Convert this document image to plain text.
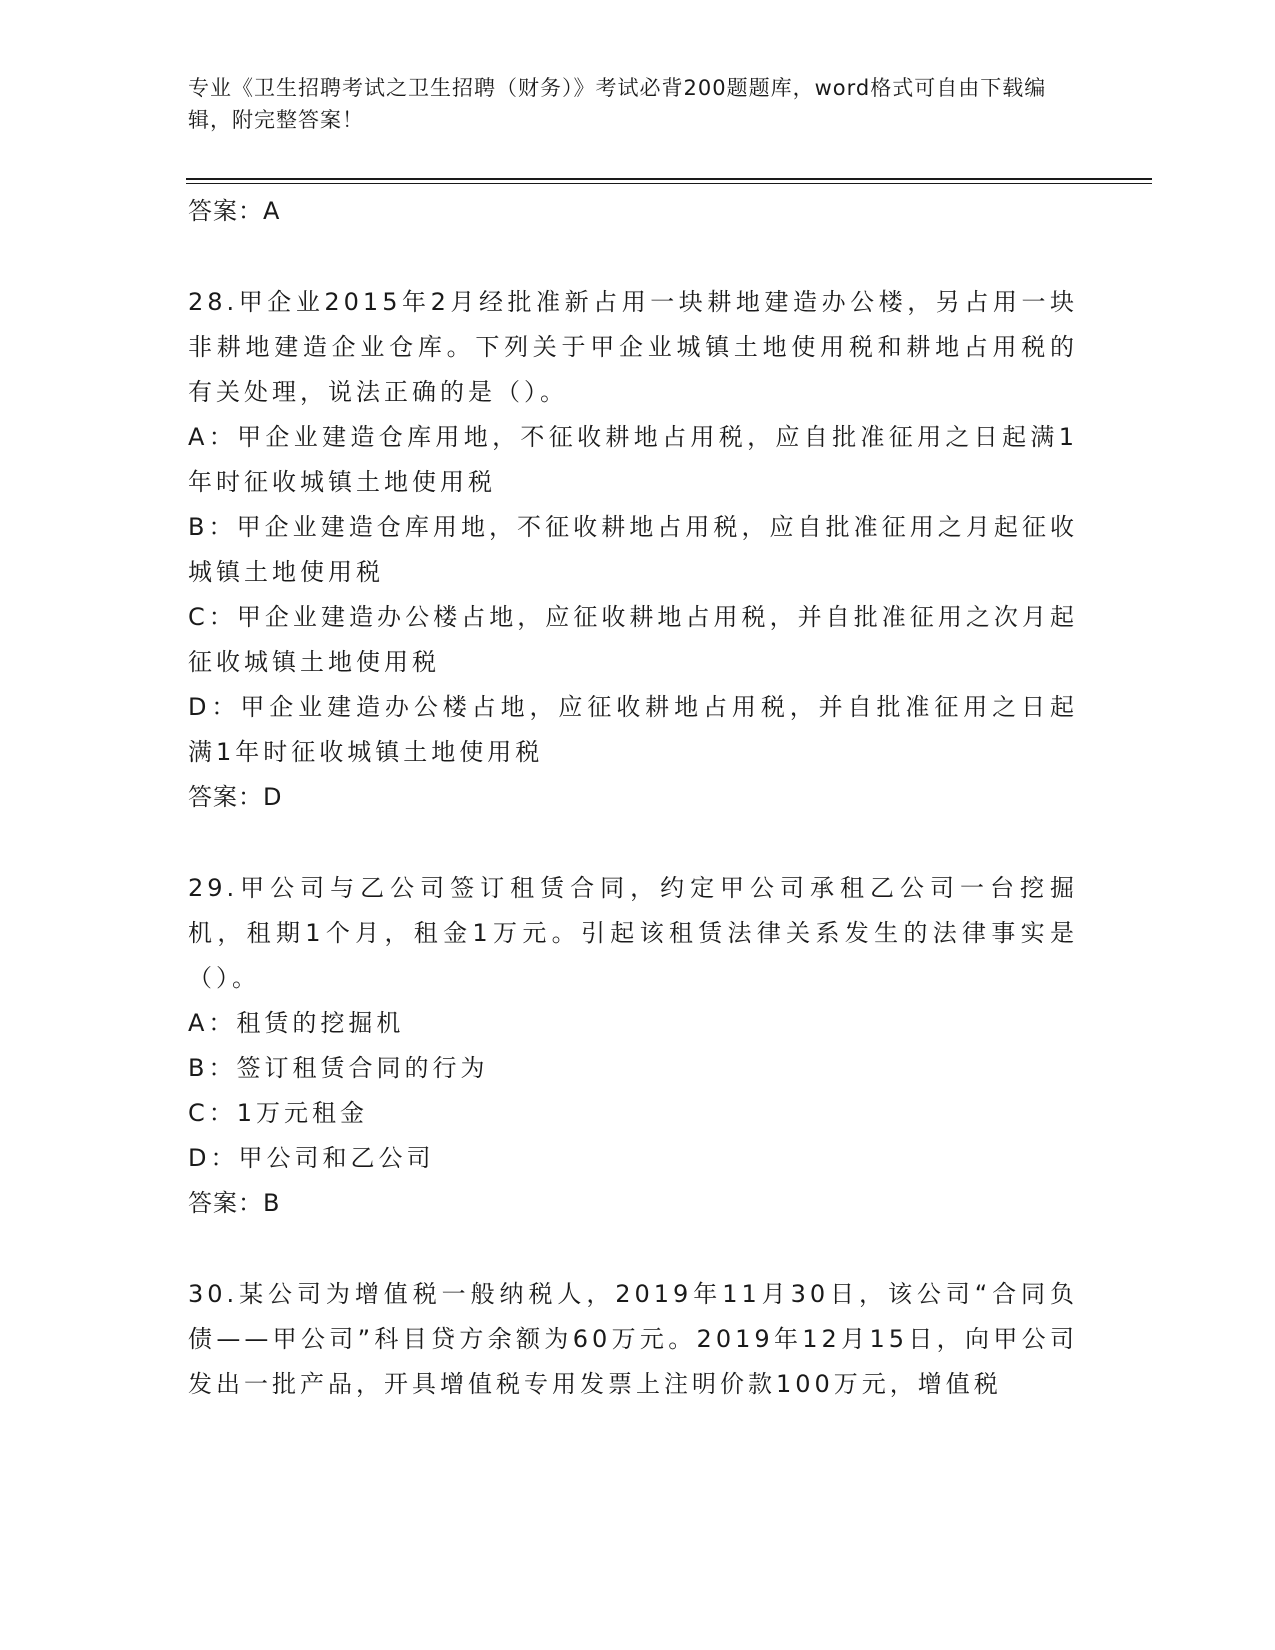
专业《卫生招聘考试之卫生招聘（财务）》考试必背200题题库，word格式可自由下载编辑，附完整答案！
答案：A
28.甲企业2015年2月经批准新占用一块耕地建造办公楼，另占用一块非耕地建造企业仓库。下列关于甲企业城镇土地使用税和耕地占用税的有关处理，说法正确的是（）。
A：甲企业建造仓库用地，不征收耕地占用税，应自批准征用之日起满1年时征收城镇土地使用税
B：甲企业建造仓库用地，不征收耕地占用税，应自批准征用之月起征收城镇土地使用税
C：甲企业建造办公楼占地，应征收耕地占用税，并自批准征用之次月起征收城镇土地使用税
D：甲企业建造办公楼占地，应征收耕地占用税，并自批准征用之日起满1年时征收城镇土地使用税
答案：D
29.甲公司与乙公司签订租赁合同，约定甲公司承租乙公司一台挖掘机，租期1个月，租金1万元。引起该租赁法律关系发生的法律事实是（）。
A：租赁的挖掘机
B：签订租赁合同的行为
C：1万元租金
D：甲公司和乙公司
答案：B
30.某公司为增值税一般纳税人，2019年11月30日，该公司“合同负债——甲公司”科目贷方余额为60万元。2019年12月15日，向甲公司发出一批产品，开具增值税专用发票上注明价款100万元，增值税
